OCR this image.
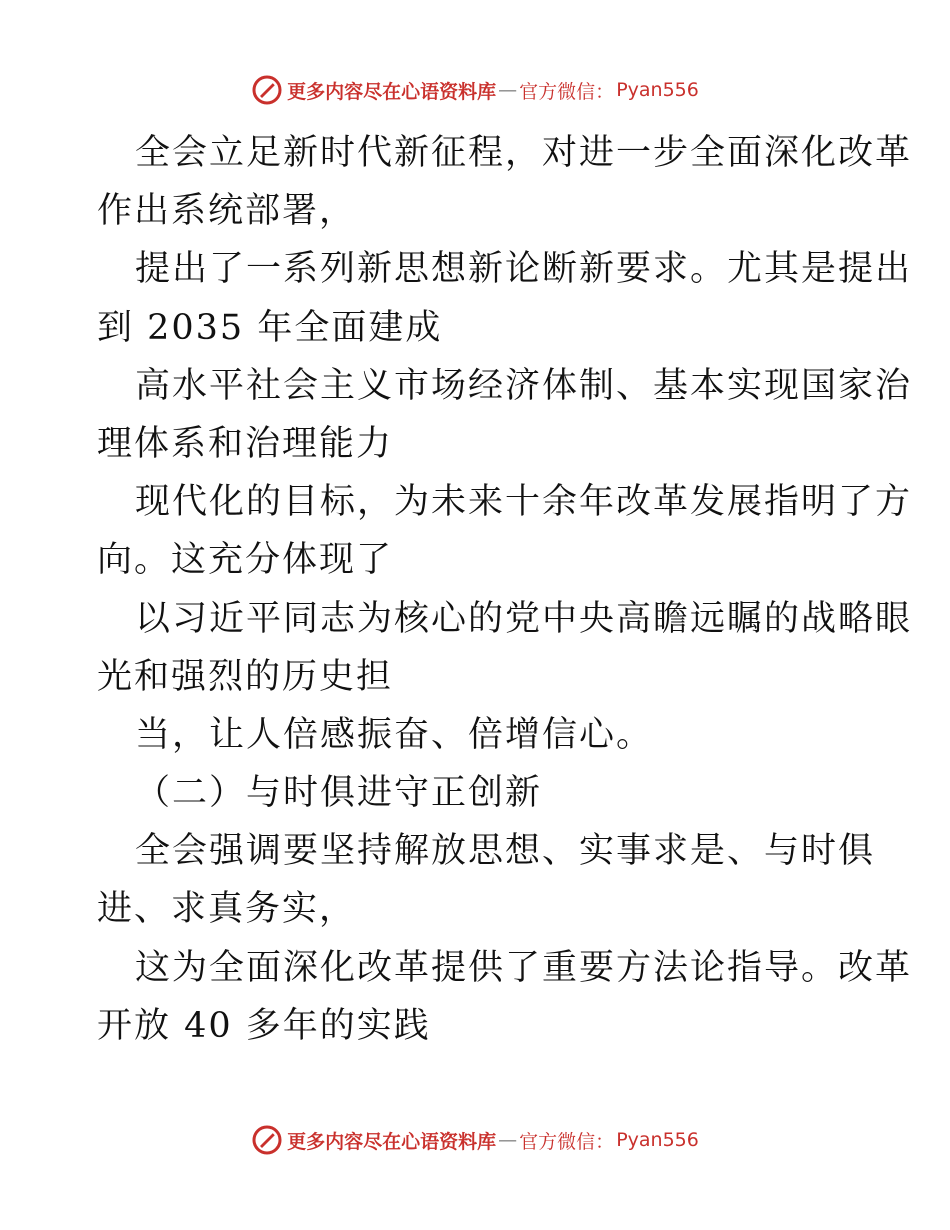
更多内容尽在心语资料库 — 官方微信： Pyan556
全会立足新时代新征程，对进一步全面深化改革
作出系统部署，
提出了一系列新思想新论断新要求。尤其是提出
到 2035 年全面建成
高水平社会主义市场经济体制、基本实现国家治
理体系和治理能力
现代化的目标，为未来十余年改革发展指明了方
向。这充分体现了
以习近平同志为核心的党中央高瞻远瞩的战略眼
光和强烈的历史担
当，让人倍感振奋、倍增信心。
（二）与时俱进守正创新
全会强调要坚持解放思想、实事求是、与时俱
进、求真务实，
这为全面深化改革提供了重要方法论指导。改革
开放 40 多年的实践
更多内容尽在心语资料库 — 官方微信： Pyan556
